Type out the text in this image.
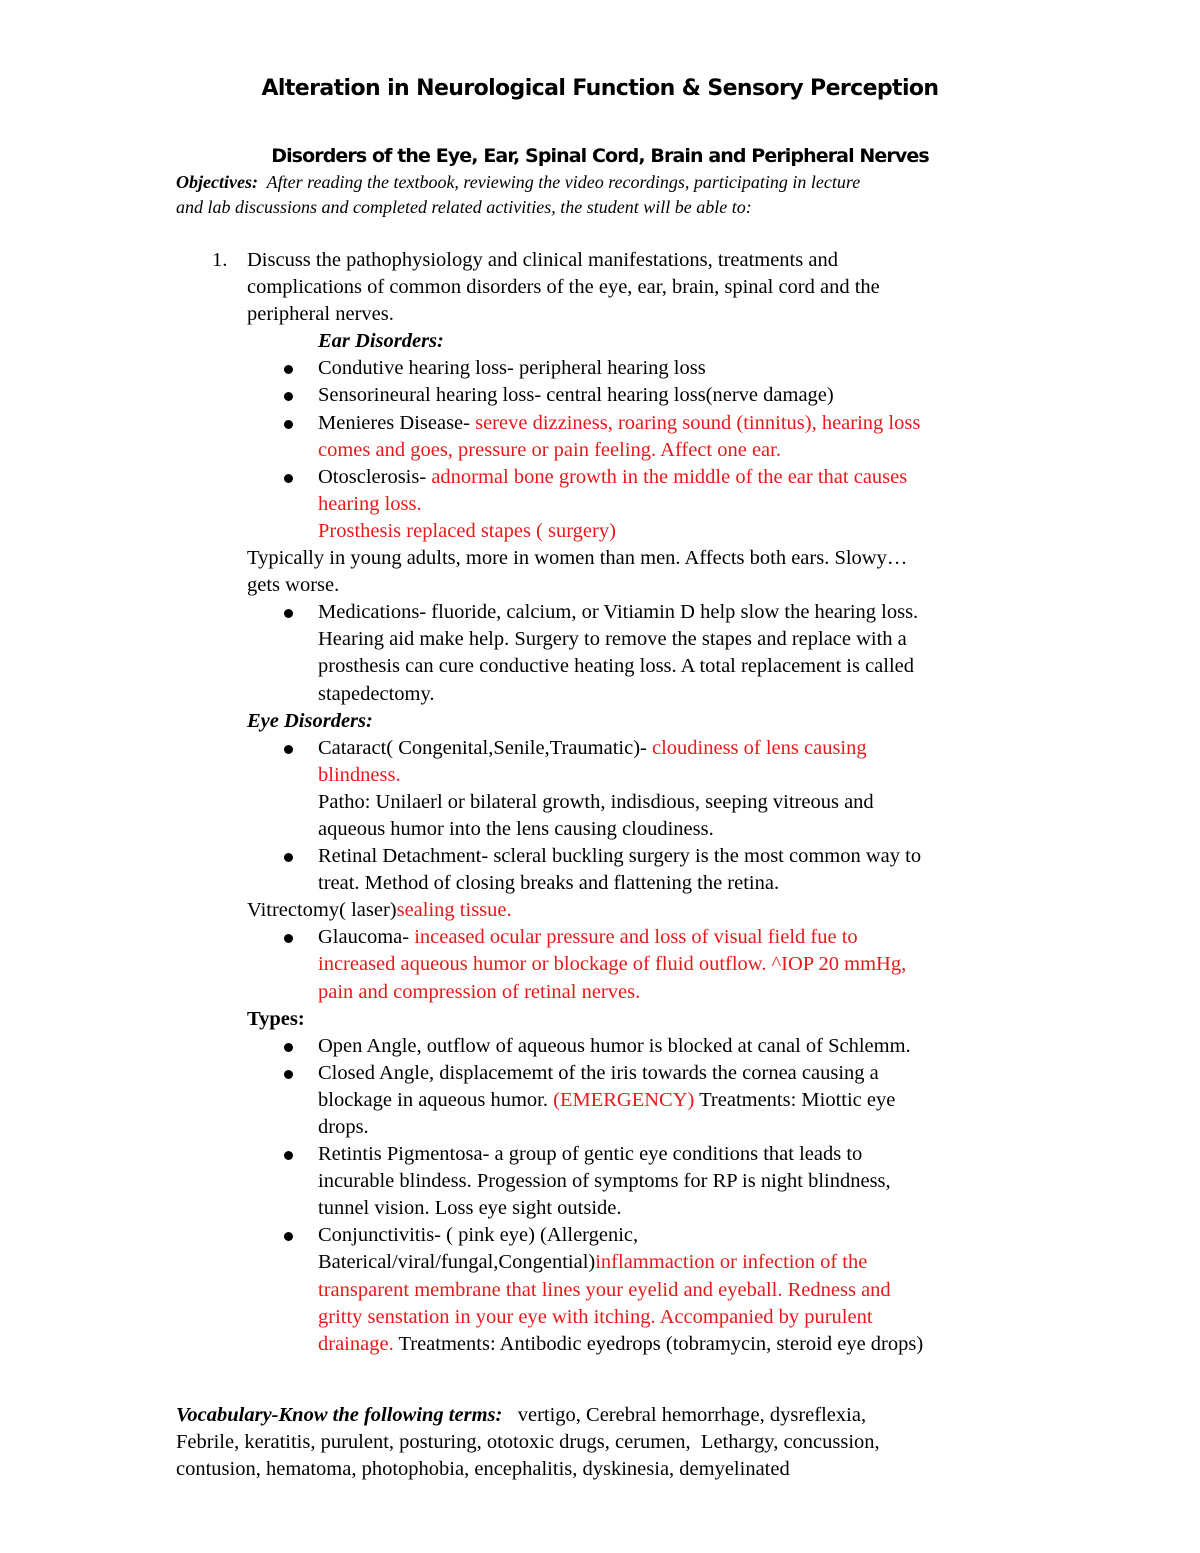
Alteration in Neurological Function & Sensory Perception
Disorders of the Eye, Ear, Spinal Cord, Brain and Peripheral Nerves
Objectives: After reading the textbook, reviewing the video recordings, participating in lecture
and lab discussions and completed related activities, the student will be able to:
1. Discuss the pathophysiology and clinical manifestations, treatments and
complications of common disorders of the eye, ear, brain, spinal cord and the
peripheral nerves.
Ear Disorders:
Condutive hearing loss- peripheral hearing loss
Sensorineural hearing loss- central hearing loss(nerve damage)
Menieres Disease- sereve dizziness, roaring sound (tinnitus), hearing loss
comes and goes, pressure or pain feeling. Affect one ear.
Otosclerosis- adnormal bone growth in the middle of the ear that causes
hearing loss.
Prosthesis replaced stapes ( surgery)
Typically in young adults, more in women than men. Affects both ears. Slowy…
gets worse.
Medications- fluoride, calcium, or Vitiamin D help slow the hearing loss.
Hearing aid make help. Surgery to remove the stapes and replace with a
prosthesis can cure conductive heating loss. A total replacement is called
stapedectomy.
Eye Disorders:
Cataract( Congenital,Senile,Traumatic)- cloudiness of lens causing
blindness.
Patho: Unilaerl or bilateral growth, indisdious, seeping vitreous and
aqueous humor into the lens causing cloudiness.
Retinal Detachment- scleral buckling surgery is the most common way to
treat. Method of closing breaks and flattening the retina.
Vitrectomy( laser)sealing tissue.
Glaucoma- inceased ocular pressure and loss of visual field fue to
increased aqueous humor or blockage of fluid outflow. ^IOP 20 mmHg,
pain and compression of retinal nerves.
Types:
Open Angle, outflow of aqueous humor is blocked at canal of Schlemm.
Closed Angle, displacememt of the iris towards the cornea causing a
blockage in aqueous humor. (EMERGENCY) Treatments: Miottic eye
drops.
Retintis Pigmentosa- a group of gentic eye conditions that leads to
incurable blindess. Progession of symptoms for RP is night blindness,
tunnel vision. Loss eye sight outside.
Conjunctivitis- ( pink eye) (Allergenic,
Baterical/viral/fungal,Congential)inflammaction or infection of the
transparent membrane that lines your eyelid and eyeball. Redness and
gritty senstation in your eye with itching. Accompanied by purulent
drainage. Treatments: Antibodic eyedrops (tobramycin, steroid eye drops)
Vocabulary-Know the following terms:   vertigo, Cerebral hemorrhage, dysreflexia,
Febrile, keratitis, purulent, posturing, ototoxic drugs, cerumen,  Lethargy, concussion,
contusion, hematoma, photophobia, encephalitis, dyskinesia, demyelinated
